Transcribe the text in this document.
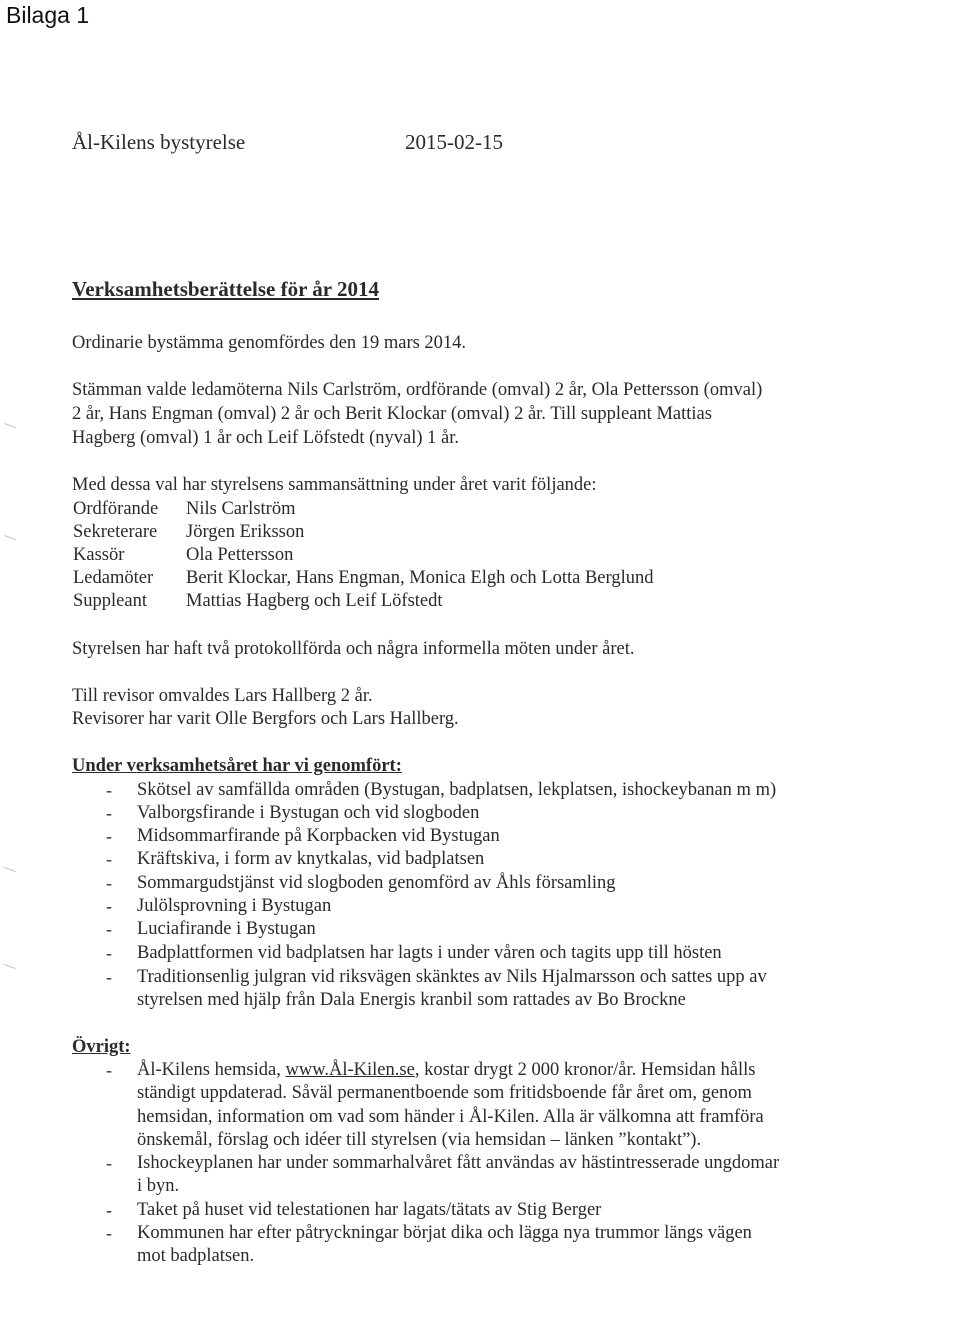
Bilaga 1
Ål-Kilens bystyrelse	2015-02-15
Verksamhetsberättelse för år 2014
Ordinarie bystämma genomfördes den 19 mars 2014.
Stämman valde ledamöterna Nils Carlström, ordförande (omval) 2 år, Ola Pettersson (omval)
2 år, Hans Engman (omval) 2 år och Berit Klockar (omval) 2 år. Till suppleant Mattias
Hagberg (omval) 1 år och Leif Löfstedt (nyval) 1 år.
Med dessa val har styrelsens sammansättning under året varit följande:
Ordförande Nils Carlström
Sekreterare Jörgen Eriksson
Kassör	Ola Pettersson
Ledamöter Berit Klockar, Hans Engman, Monica Elgh och Lotta Berglund
Suppleant Mattias Hagberg och Leif Löfstedt
Styrelsen har haft två protokollförda och några informella möten under året.
Till revisor omvaldes Lars Hallberg 2 år.
Revisorer har varit Olle Bergfors och Lars Hallberg.
Under verksamhetsåret har vi genomfört:
- Skötsel av samfällda områden (Bystugan, badplatsen, lekplatsen, ishockeybanan m m)
- Valborgsfirande i Bystugan och vid slogboden
- Midsommarfirande på Korpbacken vid Bystugan
- Kräftskiva, i form av knytkalas, vid badplatsen
- Sommargudstjänst vid slogboden genomförd av Åhls församling
- Julölsprovning i Bystugan
- Luciafirande i Bystugan
- Badplattformen vid badplatsen har lagts i under våren och tagits upp till hösten
- Traditionsenlig julgran vid riksvägen skänktes av Nils Hjalmarsson och sattes upp av
styrelsen med hjälp från Dala Energis kranbil som rattades av Bo Brockne
Övrigt:
- Ål-Kilens hemsida, www.Ål-Kilen.se, kostar drygt 2 000 kronor/år. Hemsidan hålls
ständigt uppdaterad. Såväl permanentboende som fritidsboende får året om, genom
hemsidan, information om vad som händer i Ål-Kilen. Alla är välkomna att framföra
önskemål, förslag och idéer till styrelsen (via hemsidan – länken ”kontakt”).
- Ishockeyplanen har under sommarhalvåret fått användas av hästintresserade ungdomar
i byn.
- Taket på huset vid telestationen har lagats/tätats av Stig Berger
- Kommunen har efter påtryckningar börjat dika och lägga nya trummor längs vägen
mot badplatsen.
